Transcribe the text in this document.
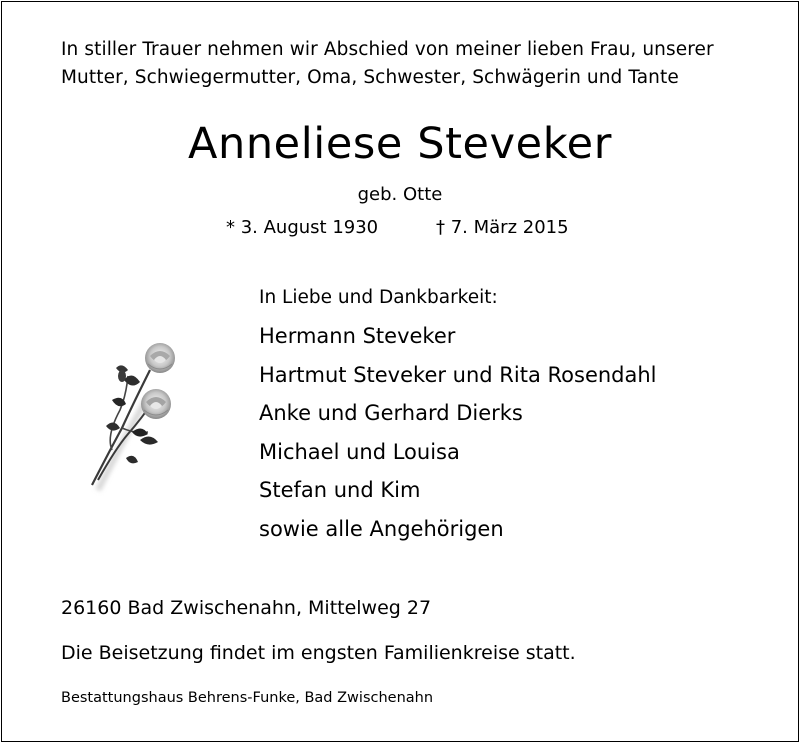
In stiller Trauer nehmen wir Abschied von meiner lieben Frau, unserer
Mutter, Schwiegermutter, Oma, Schwester, Schwägerin und Tante
Anneliese Steveker
geb. Otte
* 3. August 1930	† 7. März 2015
In Liebe und Dankbarkeit:
Hermann Steveker
Hartmut Steveker und Rita Rosendahl
Anke und Gerhard Dierks
Michael und Louisa
Stefan und Kim
sowie alle Angehörigen
26160 Bad Zwischenahn, Mittelweg 27
Die Beisetzung findet im engsten Familienkreise statt.
Bestattungshaus Behrens-Funke, Bad Zwischenahn
